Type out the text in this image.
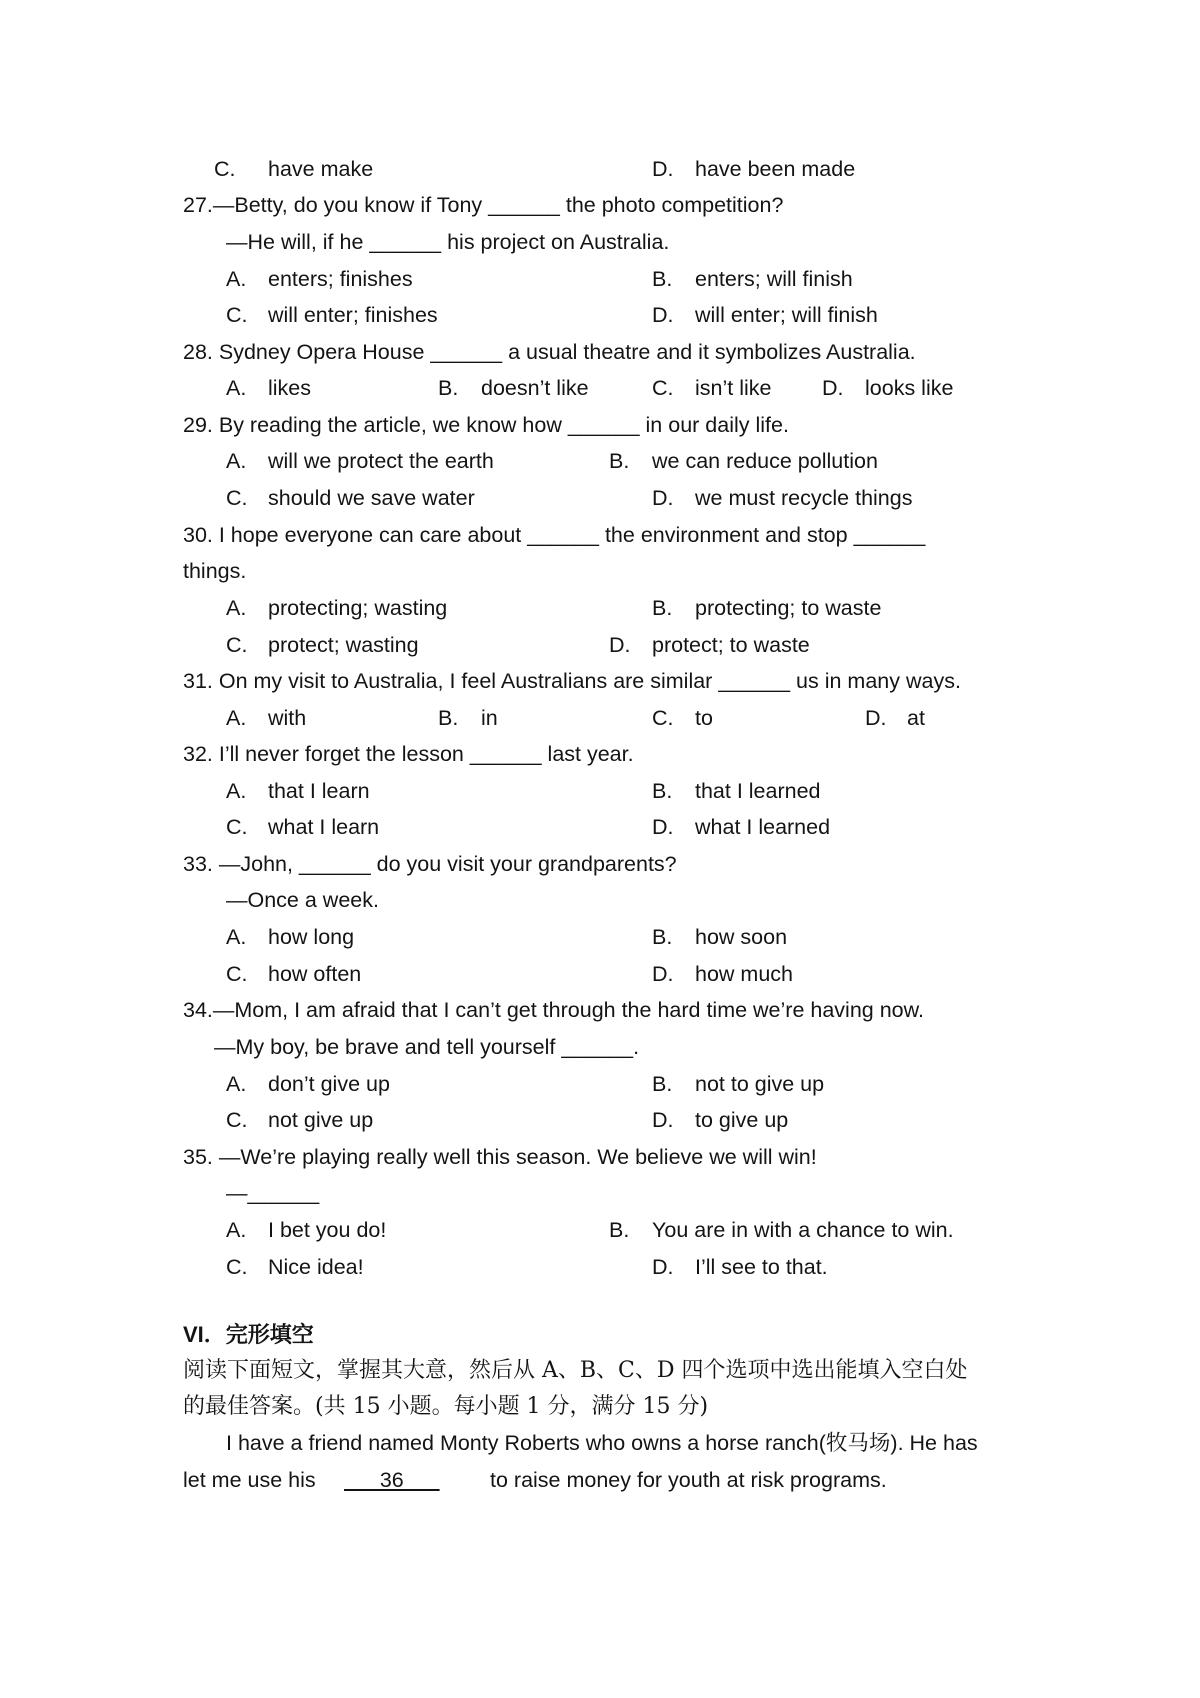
C. have make	D. have been made
27.—Betty, do you know if Tony ______ the photo competition?
—He will, if he ______ his project on Australia.
A. enters; finishes	B. enters; will finish
C. will enter; finishes	D. will enter; will finish
28. Sydney Opera House ______ a usual theatre and it symbolizes Australia.
A. likes	B. doesn’t like	C. isn’t like D. looks like
29. By reading the article, we know how ______ in our daily life.
A. will we protect the earth	B. we can reduce pollution
C. should we save water	D. we must recycle things
30. I hope everyone can care about ______ the environment and stop ______
things.
A. protecting; wasting	B. protecting; to waste
C. protect; wasting	D. protect; to waste
31. On my visit to Australia, I feel Australians are similar ______ us in many ways.
A. with	B. in	C. to	D. at
32. I’ll never forget the lesson ______ last year.
A. that I learn	B. that I learned
C. what I learn	D. what I learned
33. —John, ______ do you visit your grandparents?
—Once a week.
A. how long	B. how soon
C. how often	D. how much
34.—Mom, I am afraid that I can’t get through the hard time we’re having now.
—My boy, be brave and tell yourself ______.
A. don’t give up	B. not to give up
C. not give up	D. to give up
35. —We’re playing really well this season. We believe we will win!
—______
A. I bet you do!	B. You are in with a chance to win.
C. Nice idea!	D. I’ll see to that.
VI．完形填空
阅读下面短文，掌握其大意，然后从 A、B、C、D 四个选项中选出能填入空白处
的最佳答案。(共 15 小题。每小题 1 分，满分 15 分)
I have a friend named Monty Roberts who owns a horse ranch(牧马场). He has
let me use his 36 to raise money for youth at risk programs.
